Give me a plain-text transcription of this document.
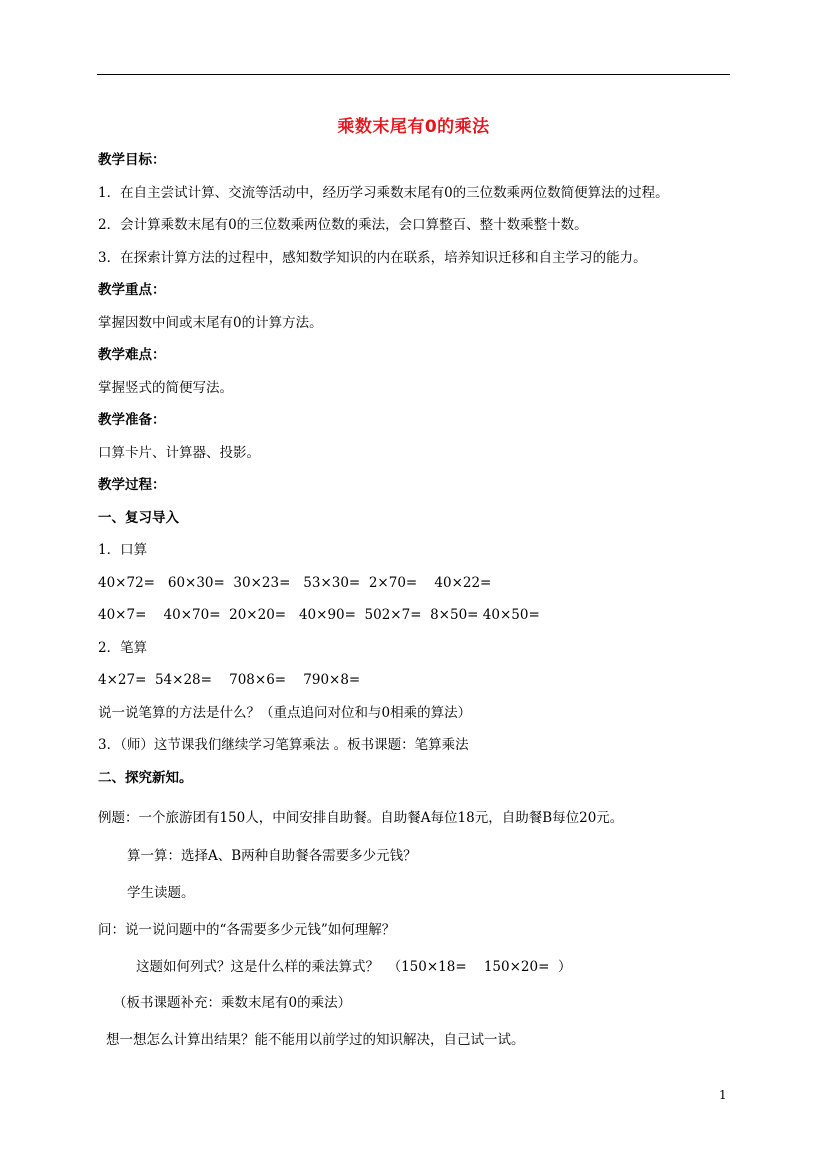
乘数末尾有0的乘法
教学目标：
1．在自主尝试计算、交流等活动中，经历学习乘数末尾有0的三位数乘两位数简便算法的过程。
2．会计算乘数末尾有0的三位数乘两位数的乘法，会口算整百、整十数乘整十数。
3．在探索计算方法的过程中，感知数学知识的内在联系，培养知识迁移和自主学习的能力。
教学重点：
掌握因数中间或末尾有0的计算方法。
教学难点：
掌握竖式的简便写法。
教学准备：
口算卡片、计算器、投影。
教学过程：
一、复习导入
1．口算
40×72=   60×30=  30×23=   53×30=  2×70=    40×22=
40×7=    40×70=  20×20=   40×90=  502×7=  8×50= 40×50=
2．笔算
4×27=  54×28=    708×6=    790×8=
说一说笔算的方法是什么？（重点追问对位和与0相乘的算法）
3．（师）这节课我们继续学习笔算乘法 。板书课题：笔算乘法
二、探究新知。
例题：一个旅游团有150人，中间安排自助餐。自助餐A每位18元，自助餐B每位20元。
算一算：选择A、B两种自助餐各需要多少元钱？
学生读题。
问：说一说问题中的“各需要多少元钱”如何理解？
这题如何列式？这是什么样的乘法算式？  （150×18=    150×20=  ）
（板书课题补充：乘数末尾有0的乘法）
想一想怎么计算出结果？能不能用以前学过的知识解决，自己试一试。
1
